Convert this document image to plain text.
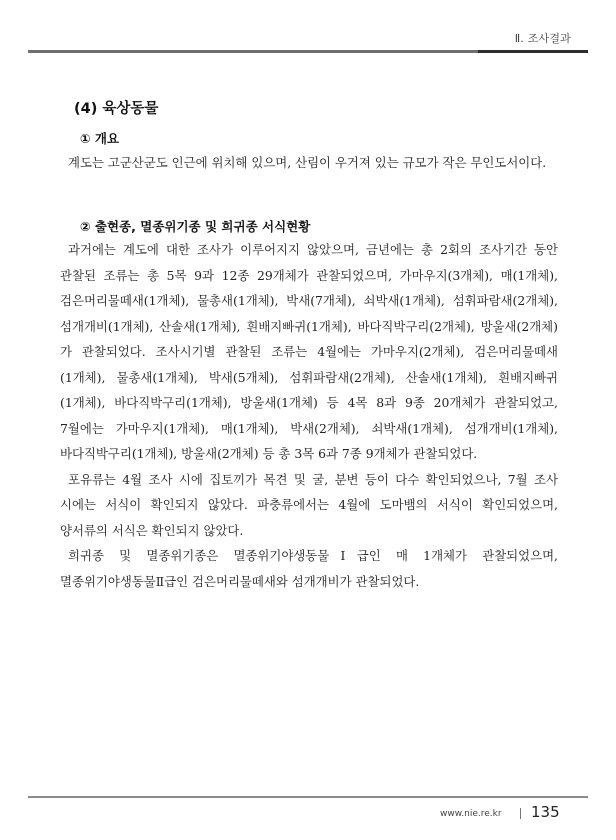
Ⅱ. 조사결과
(4) 육상동물
① 개요

계도는 고군산군도 인근에 위치해 있으며, 산림이 우거져 있는 규모가 작은 무인도서이다.

② 출현종, 멸종위기종 및 희귀종 서식현황

과거에는 계도에 대한 조사가 이루어지지 않았으며, 금년에는 총 2회의 조사기간 동안 관찰된 조류는 총 5목 9과 12종 29개체가 관찰되었으며, 가마우지(3개체), 매(1개체), 검은머리물떼새(1개체), 물총새(1개체), 박새(7개체), 쇠박새(1개체), 섬휘파람새(2개체), 섬개개비(1개체), 산솔새(1개체), 흰배지빠귀(1개체), 바다직박구리(2개체), 방울새(2개체) 가 관찰되었다. 조사시기별 관찰된 조류는 4월에는 가마우지(2개체), 검은머리물떼새(1개체), 물총새(1개체), 박새(5개체), 섬휘파람새(2개체), 산솔새(1개체), 흰배지빠귀(1개체), 바다직박구리(1개체), 방울새(1개체) 등 4목 8과 9종 20개체가 관찰되었고, 7월에는 가마우지(1개체), 매(1개체), 박새(2개체), 쇠박새(1개체), 섬개개비(1개체), 바다직박구리(1개체), 방울새(2개체) 등 총 3목 6과 7종 9개체가 관찰되었다.

포유류는 4월 조사 시에 집토끼가 목견 및 굴, 분변 등이 다수 확인되었으나, 7월 조사 시에는 서식이 확인되지 않았다. 파충류에서는 4월에 도마뱀의 서식이 확인되었으며, 양서류의 서식은 확인되지 않았다.

희귀종 및 멸종위기종은 멸종위기야생동물Ⅰ급인 매 1개체가 관찰되었으며, 멸종위기야생동물Ⅱ급인 검은머리물떼새와 섬개개비가 관찰되었다.

www.nie.re.kr 135
